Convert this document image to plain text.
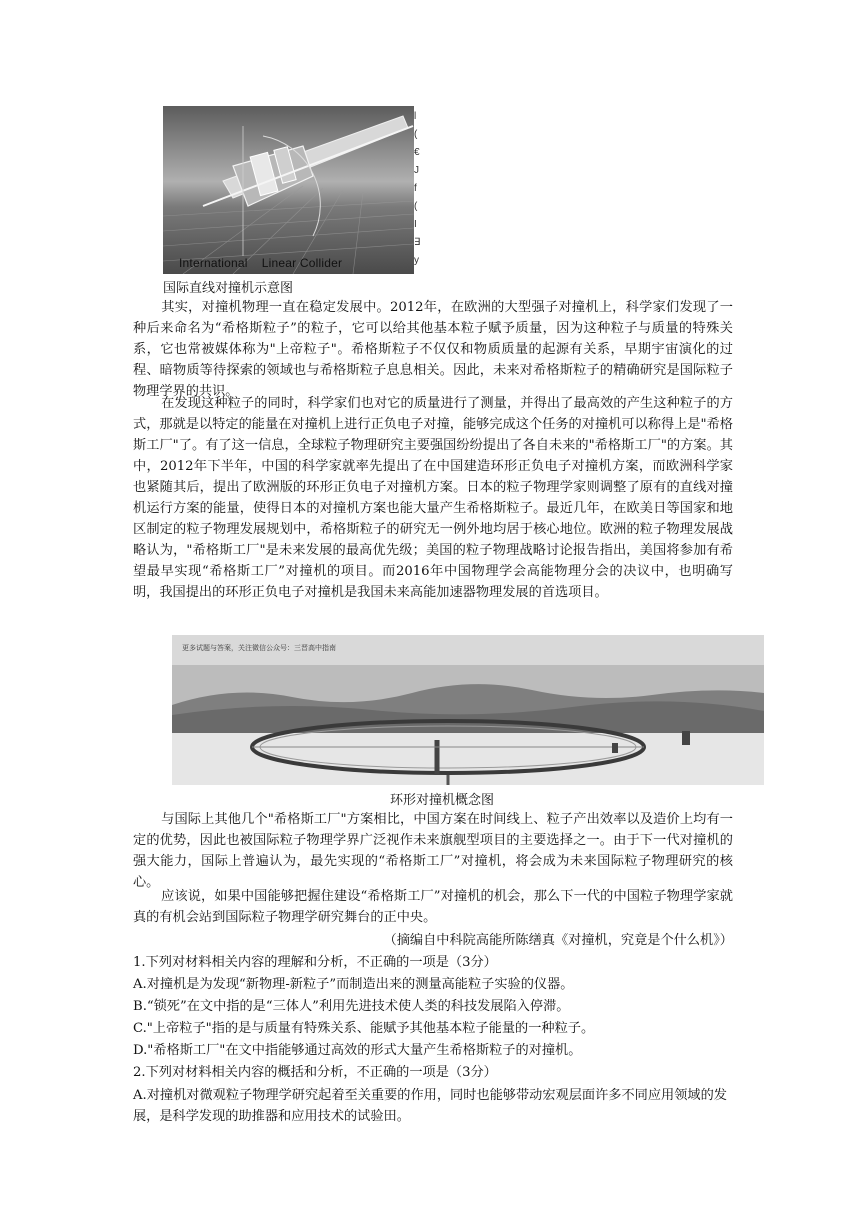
International    Linear Collider
l
(
€
J
f
(
I
∃
y
国际直线对撞机示意图

其实，对撞机物理一直在稳定发展中。2012年，在欧洲的大型强子对撞机上，科学家们发现了一种后来命名为“希格斯粒子”的粒子，它可以给其他基本粒子赋予质量，因为这种粒子与质量的特殊关系，它也常被媒体称为"上帝粒子"。希格斯粒子不仅仅和物质质量的起源有关系，早期宇宙演化的过程、暗物质等待探索的领域也与希格斯粒子息息相关。因此，未来对希格斯粒子的精确研究是国际粒子物理学界的共识。

在发现这种粒子的同时，科学家们也对它的质量进行了测量，并得出了最高效的产生这种粒子的方式，那就是以特定的能量在对撞机上进行正负电子对撞，能够完成这个任务的对撞机可以称得上是"希格斯工厂"了。有了这一信息，全球粒子物理研究主要强国纷纷提出了各自未来的"希格斯工厂"的方案。其中，2012年下半年，中国的科学家就率先提出了在中国建造环形正负电子对撞机方案，而欧洲科学家也紧随其后，提出了欧洲版的环形正负电子对撞机方案。日本的粒子物理学家则调整了原有的直线对撞机运行方案的能量，使得日本的对撞机方案也能大量产生希格斯粒子。最近几年，在欧美日等国家和地区制定的粒子物理发展规划中，希格斯粒子的研究无一例外地均居于核心地位。欧洲的粒子物理发展战略认为，"希格斯工厂"是未来发展的最高优先级；美国的粒子物理战略讨论报告指出，美国将参加有希望最早实现“希格斯工厂”对撞机的项目。而2016年中国物理学会高能物理分会的决议中，也明确写明，我国提出的环形正负电子对撞机是我国未来高能加速器物理发展的首选项目。

更多试题与答案，关注微信公众号：三晋高中指南
环形对撞机概念图

与国际上其他几个"希格斯工厂"方案相比，中国方案在时间线上、粒子产出效率以及造价上均有一定的优势，因此也被国际粒子物理学界广泛视作未来旗舰型项目的主要选择之一。由于下一代对撞机的强大能力，国际上普遍认为，最先实现的“希格斯工厂”对撞机，将会成为未来国际粒子物理研究的核心。

应该说，如果中国能够把握住建设“希格斯工厂”对撞机的机会，那么下一代的中国粒子物理学家就真的有机会站到国际粒子物理学研究舞台的正中央。

（摘编自中科院高能所陈缮真《对撞机，究竟是个什么机》）
1.下列对材料相关内容的理解和分析，不正确的一项是（3分）
A.对撞机是为发现“新物理-新粒子”而制造出来的测量高能粒子实验的仪器。
B.“锁死”在文中指的是“三体人”利用先进技术使人类的科技发展陷入停滞。
C."上帝粒子"指的是与质量有特殊关系、能赋予其他基本粒子能量的一种粒子。
D."希格斯工厂"在文中指能够通过高效的形式大量产生希格斯粒子的对撞机。
2.下列对材料相关内容的概括和分析，不正确的一项是（3分）
A.对撞机对微观粒子物理学研究起着至关重要的作用，同时也能够带动宏观层面许多不同应用领域的发展，是科学发现的助推器和应用技术的试验田。
